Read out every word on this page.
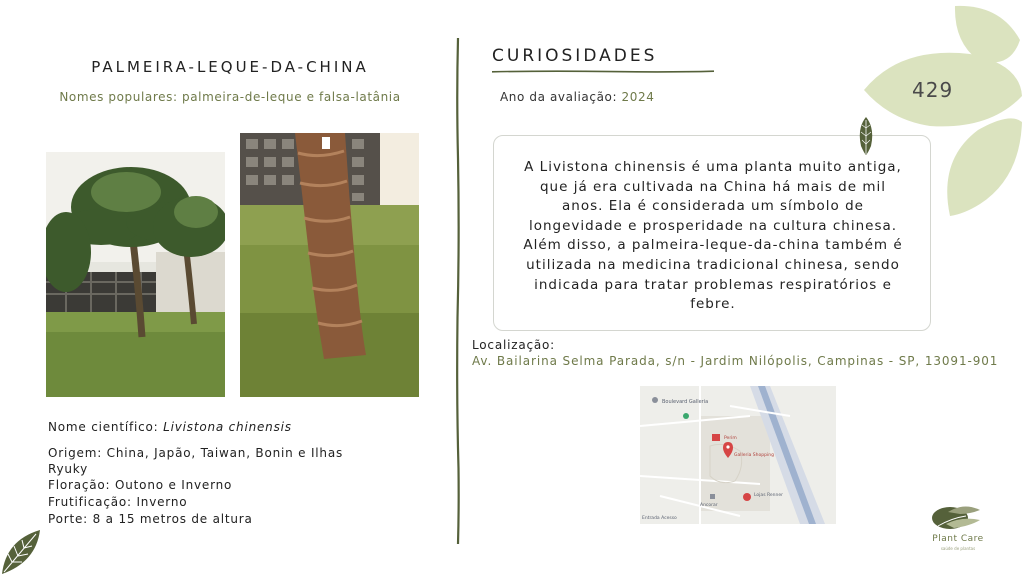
PALMEIRA-LEQUE-DA-CHINA
Nomes populares: palmeira-de-leque e falsa-latânia
Nome científico: Livistona chinensis
Origem: China, Japão, Taiwan, Bonin e Ilhas
Ryuky
Floração: Outono e Inverno
Frutificação: Inverno
Porte: 8 a 15 metros de altura
CURIOSIDADES
Ano da avaliação: 2024
A Livistona chinensis é uma planta muito antiga,
que já era cultivada na China há mais de mil
anos. Ela é considerada um símbolo de
longevidade e prosperidade na cultura chinesa.
Além disso, a palmeira-leque-da-china também é
utilizada na medicina tradicional chinesa, sendo
indicada para tratar problemas respiratórios e
febre.
Localização:
Av. Bailarina Selma Parada, s/n - Jardim Nilópolis, Campinas - SP, 13091-901
Boulevard Galleria
Perim
Galleria Shopping
Lojas Renner
Ancorar
Entrada Acesso
429
Plant Care
saúde de plantas
